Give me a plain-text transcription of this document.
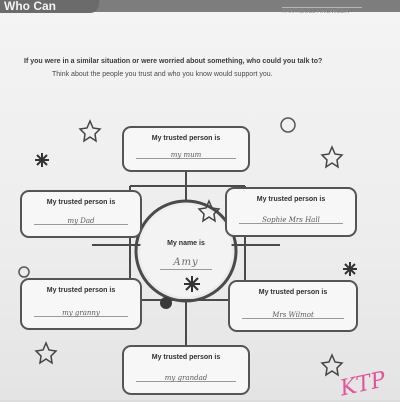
Who Can	#ANTIBULLYINGWEEK
If you were in a similar situation or were worried about something, who could you talk to?
Think about the people you trust and who you know would support you.
My trusted person is
my mum
My trusted person is
my Dad
My trusted person is
Sophie Mrs Hall
My trusted person is
my granny
My trusted person is
Mrs Wilmot
My trusted person is
my grandad
My name is
Amy
KTP
